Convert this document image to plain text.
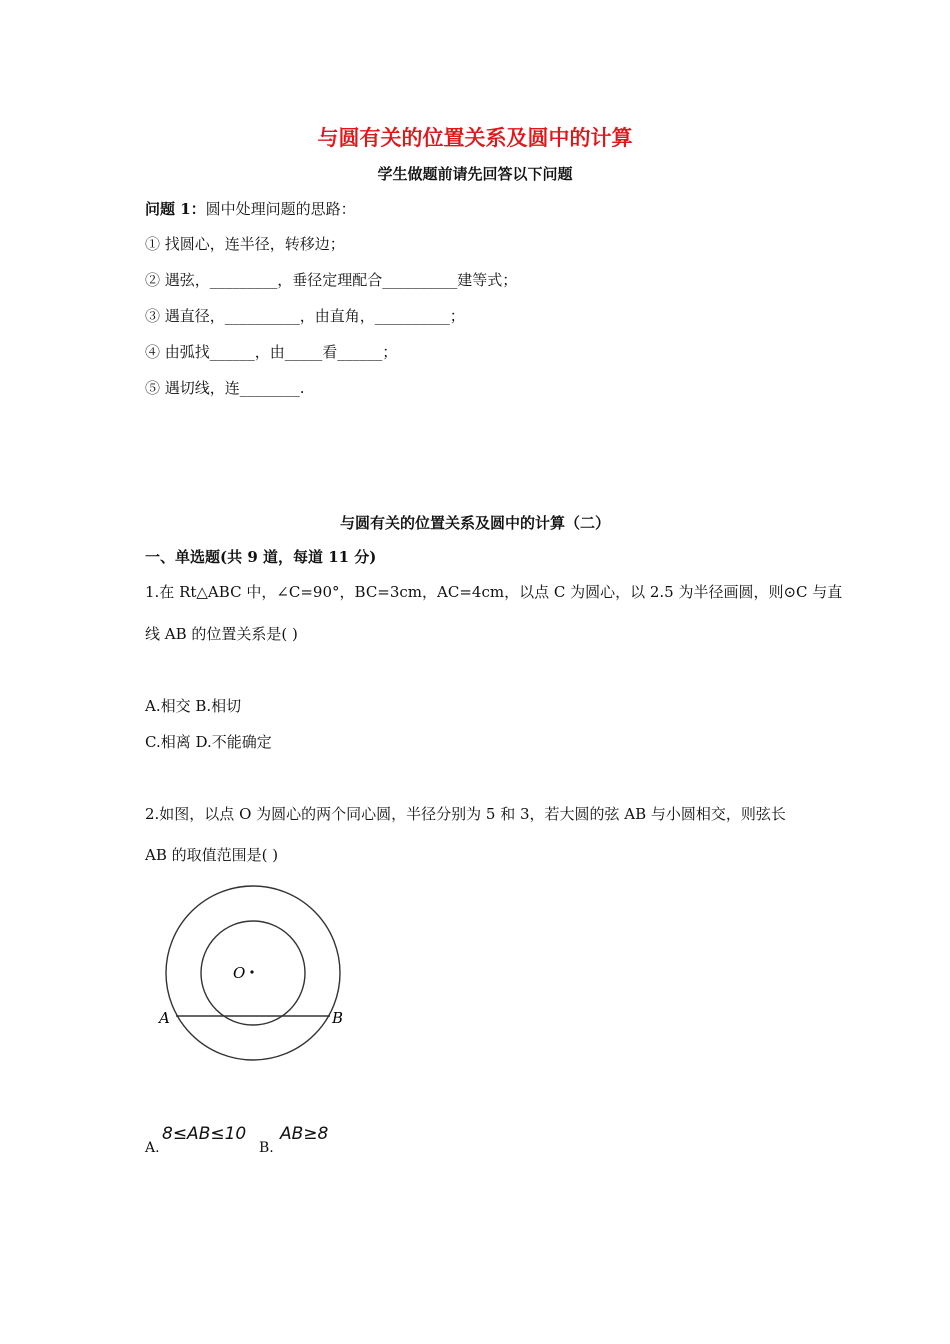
与圆有关的位置关系及圆中的计算
学生做题前请先回答以下问题
问题 1：圆中处理问题的思路：
① 找圆心，连半径，转移边；
② 遇弦，_________，垂径定理配合__________建等式；
③ 遇直径，__________，由直角，__________；
④ 由弧找______，由_____看______；
⑤ 遇切线，连________.
与圆有关的位置关系及圆中的计算（二）
一、单选题(共 9 道，每道 11 分)
1.在 Rt△ABC 中，∠C=90°，BC=3cm，AC=4cm，以点 C 为圆心，以 2.5 为半径画圆，则⊙C 与直
线 AB 的位置关系是( )
A.相交 B.相切
C.相离 D.不能确定
2.如图，以点 O 为圆心的两个同心圆，半径分别为 5 和 3，若大圆的弦 AB 与小圆相交，则弦长
AB 的取值范围是( )
O
A	B
A.
8≤AB≤10
B.
AB≥8
